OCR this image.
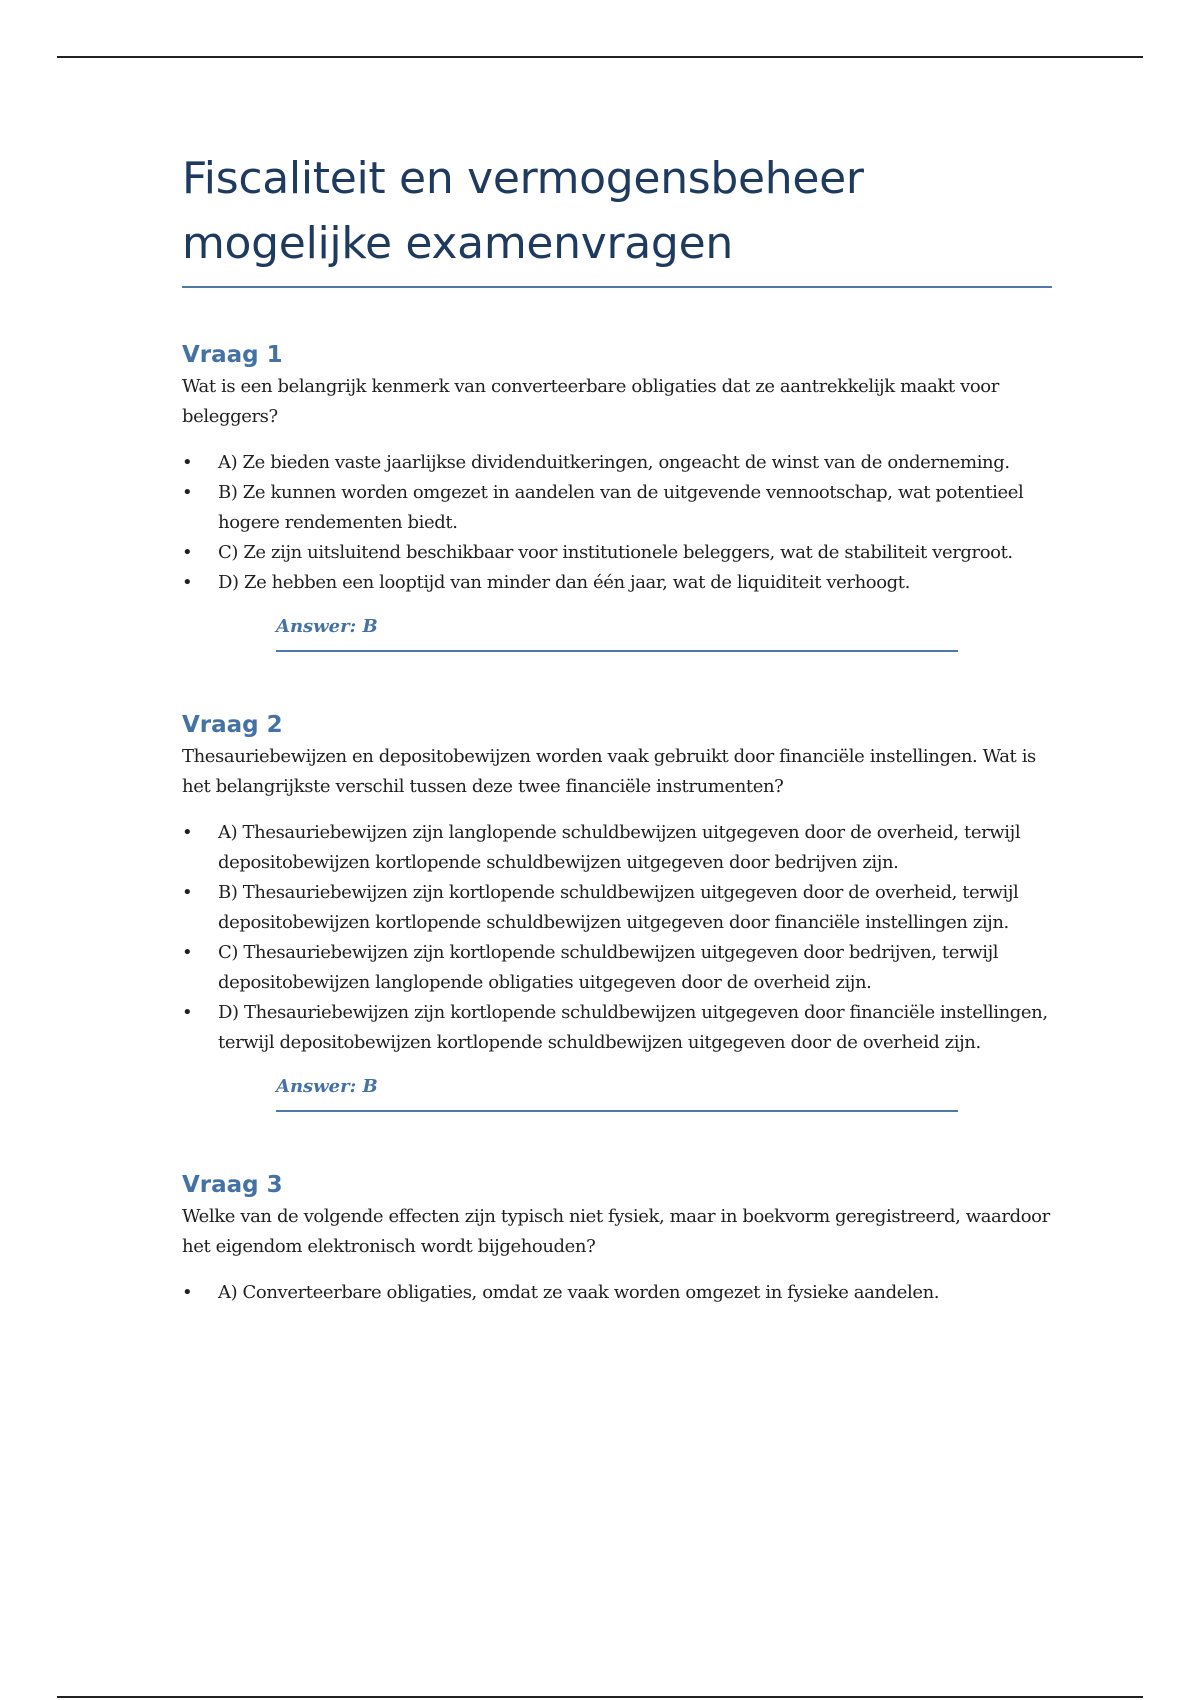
Fiscaliteit en vermogensbeheer
mogelijke examenvragen
Vraag 1

Wat is een belangrijk kenmerk van converteerbare obligaties dat ze aantrekkelijk maakt voor beleggers?

• A) Ze bieden vaste jaarlijkse dividenduitkeringen, ongeacht de winst van de onderneming.
• B) Ze kunnen worden omgezet in aandelen van de uitgevende vennootschap, wat potentieel hogere rendementen biedt.
• C) Ze zijn uitsluitend beschikbaar voor institutionele beleggers, wat de stabiliteit vergroot.
• D) Ze hebben een looptijd van minder dan één jaar, wat de liquiditeit verhoogt.
Answer: B
Vraag 2

Thesauriebewijzen en depositobewijzen worden vaak gebruikt door financiële instellingen. Wat is het belangrijkste verschil tussen deze twee financiële instrumenten?

• A) Thesauriebewijzen zijn langlopende schuldbewijzen uitgegeven door de overheid, terwijl depositobewijzen kortlopende schuldbewijzen uitgegeven door bedrijven zijn.
• B) Thesauriebewijzen zijn kortlopende schuldbewijzen uitgegeven door de overheid, terwijl depositobewijzen kortlopende schuldbewijzen uitgegeven door financiële instellingen zijn.
• C) Thesauriebewijzen zijn kortlopende schuldbewijzen uitgegeven door bedrijven, terwijl depositobewijzen langlopende obligaties uitgegeven door de overheid zijn.
• D) Thesauriebewijzen zijn kortlopende schuldbewijzen uitgegeven door financiële instellingen, terwijl depositobewijzen kortlopende schuldbewijzen uitgegeven door de overheid zijn.
Answer: B
Vraag 3

Welke van de volgende effecten zijn typisch niet fysiek, maar in boekvorm geregistreerd, waardoor het eigendom elektronisch wordt bijgehouden?

• A) Converteerbare obligaties, omdat ze vaak worden omgezet in fysieke aandelen.
